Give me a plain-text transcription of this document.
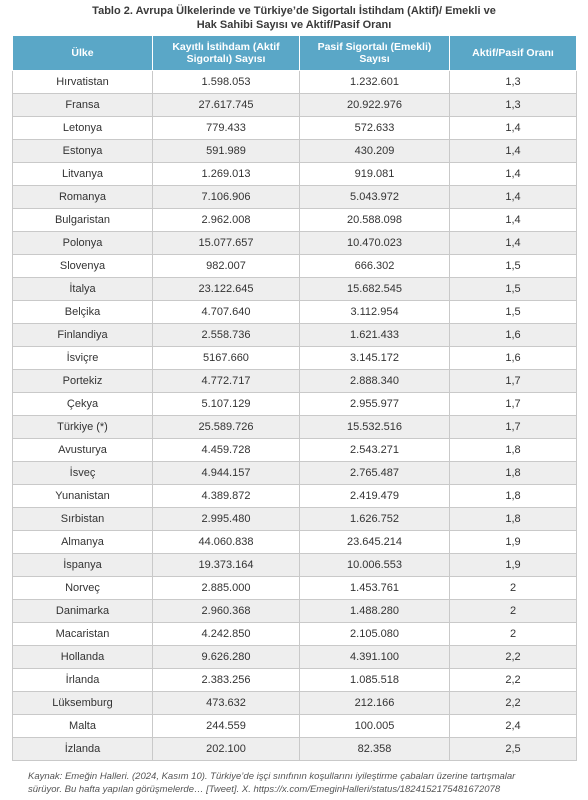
Tablo 2. Avrupa Ülkelerinde ve Türkiye’de Sigortalı İstihdam (Aktif)/ Emekli ve
Hak Sahibi Sayısı ve Aktif/Pasif Oranı
Ülke	Kayıtlı İstihdam (Aktif Sigortalı) Sayısı	Pasif Sigortalı (Emekli) Sayısı	Aktif/Pasif Oranı
Hırvatistan	1.598.053	1.232.601	1,3
Fransa	27.617.745	20.922.976	1,3
Letonya	779.433	572.633	1,4
Estonya	591.989	430.209	1,4
Litvanya	1.269.013	919.081	1,4
Romanya	7.106.906	5.043.972	1,4
Bulgaristan	2.962.008	20.588.098	1,4
Polonya	15.077.657	10.470.023	1,4
Slovenya	982.007	666.302	1,5
İtalya	23.122.645	15.682.545	1,5
Belçika	4.707.640	3.112.954	1,5
Finlandiya	2.558.736	1.621.433	1,6
İsviçre	5167.660	3.145.172	1,6
Portekiz	4.772.717	2.888.340	1,7
Çekya	5.107.129	2.955.977	1,7
Türkiye (*)	25.589.726	15.532.516	1,7
Avusturya	4.459.728	2.543.271	1,8
İsveç	4.944.157	2.765.487	1,8
Yunanistan	4.389.872	2.419.479	1,8
Sırbistan	2.995.480	1.626.752	1,8
Almanya	44.060.838	23.645.214	1,9
İspanya	19.373.164	10.006.553	1,9
Norveç	2.885.000	1.453.761	2
Danimarka	2.960.368	1.488.280	2
Macaristan	4.242.850	2.105.080	2
Hollanda	9.626.280	4.391.100	2,2
İrlanda	2.383.256	1.085.518	2,2
Lüksemburg	473.632	212.166	2,2
Malta	244.559	100.005	2,4
İzlanda	202.100	82.358	2,5
Kaynak: Emeğin Halleri. (2024, Kasım 10). Türkiye’de işçi sınıfının koşullarını iyileştirme çabaları üzerine tartışmalar
sürüyor. Bu hafta yapılan görüşmelerde… [Tweet]. X. https://x.com/EmeginHalleri/status/1824152175481672078
